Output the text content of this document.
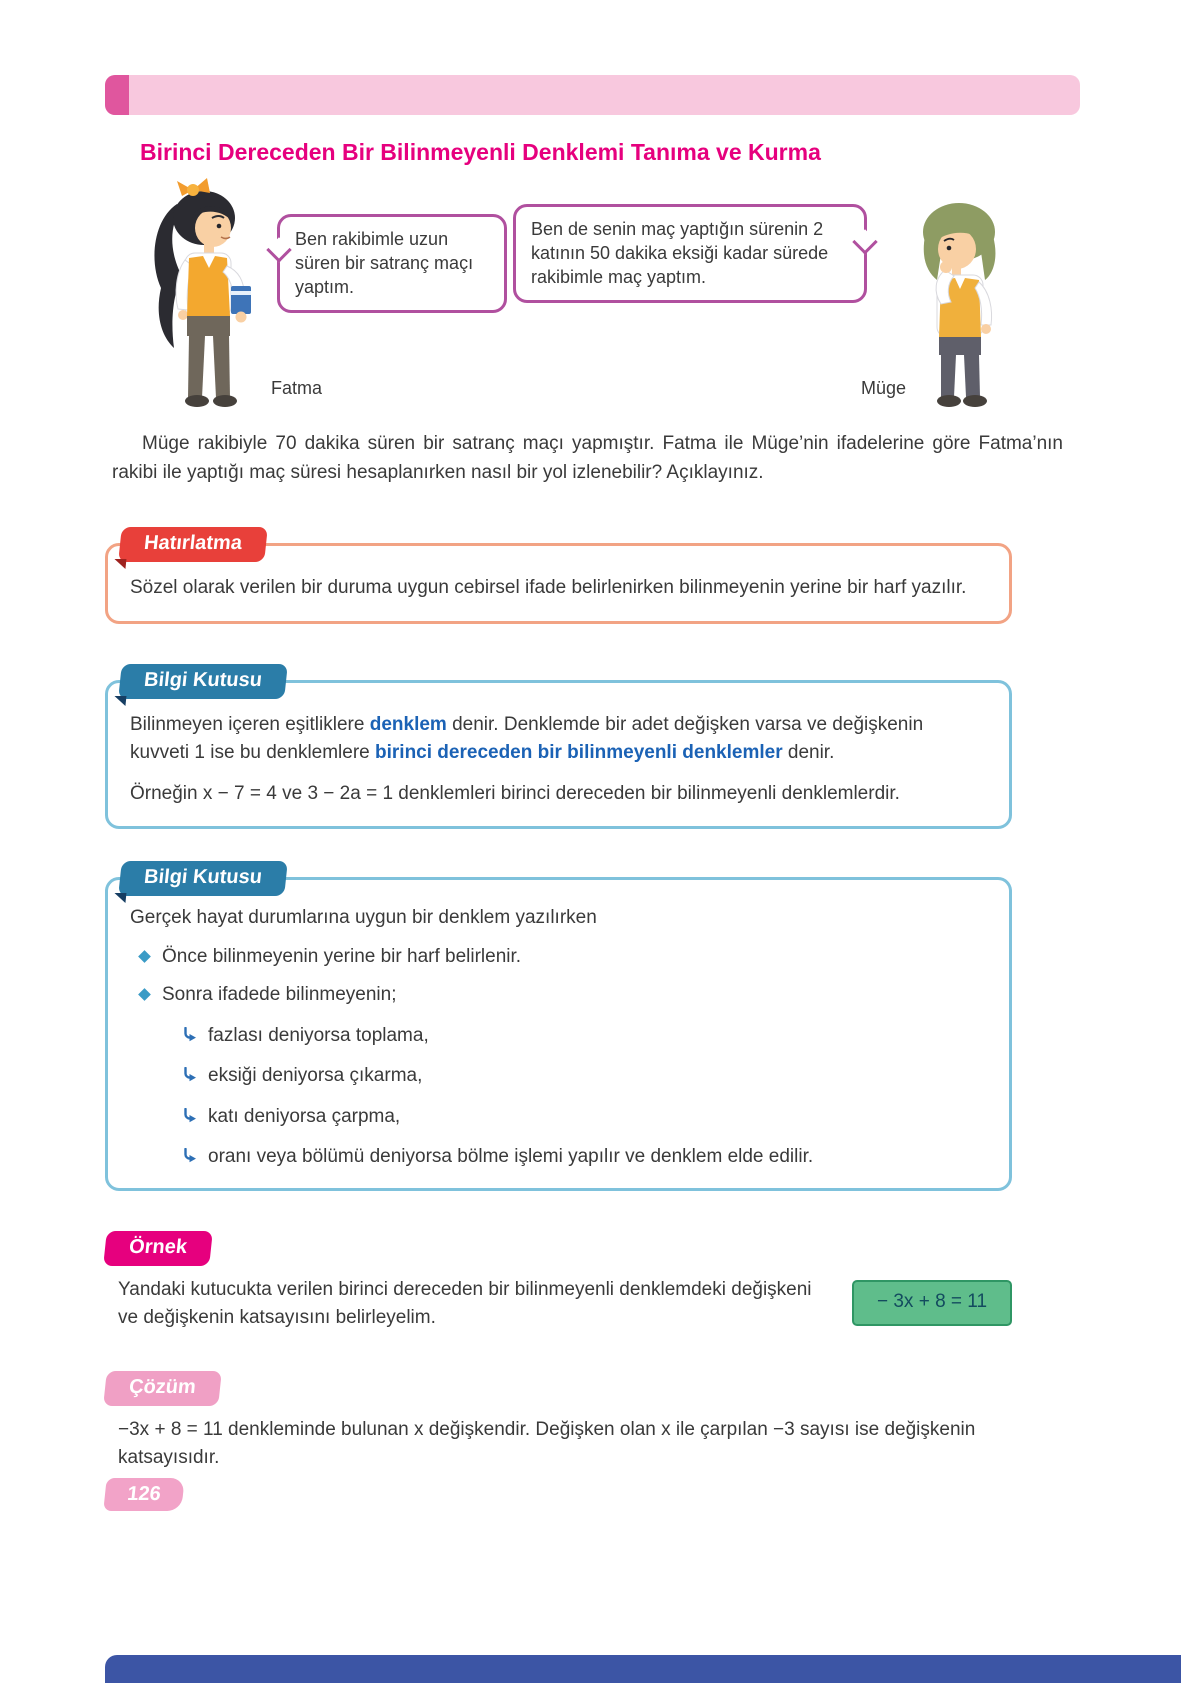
Birinci Dereceden Bir Bilinmeyenli Denklemi Tanıma ve Kurma
Ben rakibimle uzun süren bir satranç maçı yaptım.
Ben de senin maç yaptığın sürenin 2 katının 50 dakika eksiği kadar sürede rakibimle maç yaptım.
Fatma	Müge

Müge rakibiyle 70 dakika süren bir satranç maçı yapmıştır. Fatma ile Müge’nin ifadelerine göre Fatma’nın rakibi ile yaptığı maç süresi hesaplanırken nasıl bir yol izlenebilir? Açıklayınız.

Hatırlatma

Sözel olarak verilen bir duruma uygun cebirsel ifade belirlenirken bilinmeyenin yerine bir harf yazılır.

Bilgi Kutusu

Bilinmeyen içeren eşitliklere denklem denir. Denklemde bir adet değişken varsa ve değişkenin kuvveti 1 ise bu denklemlere birinci dereceden bir bilinmeyenli denklemler denir.

Örneğin x − 7 = 4 ve 3 − 2a = 1 denklemleri birinci dereceden bir bilinmeyenli denklemlerdir.

Bilgi Kutusu

Gerçek hayat durumlarına uygun bir denklem yazılırken

Önce bilinmeyenin yerine bir harf belirlenir.
Sonra ifadede bilinmeyenin;
fazlası deniyorsa toplama,
eksiği deniyorsa çıkarma,
katı deniyorsa çarpma,
oranı veya bölümü deniyorsa bölme işlemi yapılır ve denklem elde edilir.
Örnek

Yandaki kutucukta verilen birinci dereceden bir bilinmeyenli denklemdeki değişkeni ve değişkenin katsayısını belirleyelim.

− 3x + 8 = 11
Çözüm

−3x + 8 = 11 denkleminde bulunan x değişkendir. Değişken olan x ile çarpılan −3 sayısı ise değişkenin katsayısıdır.

126
